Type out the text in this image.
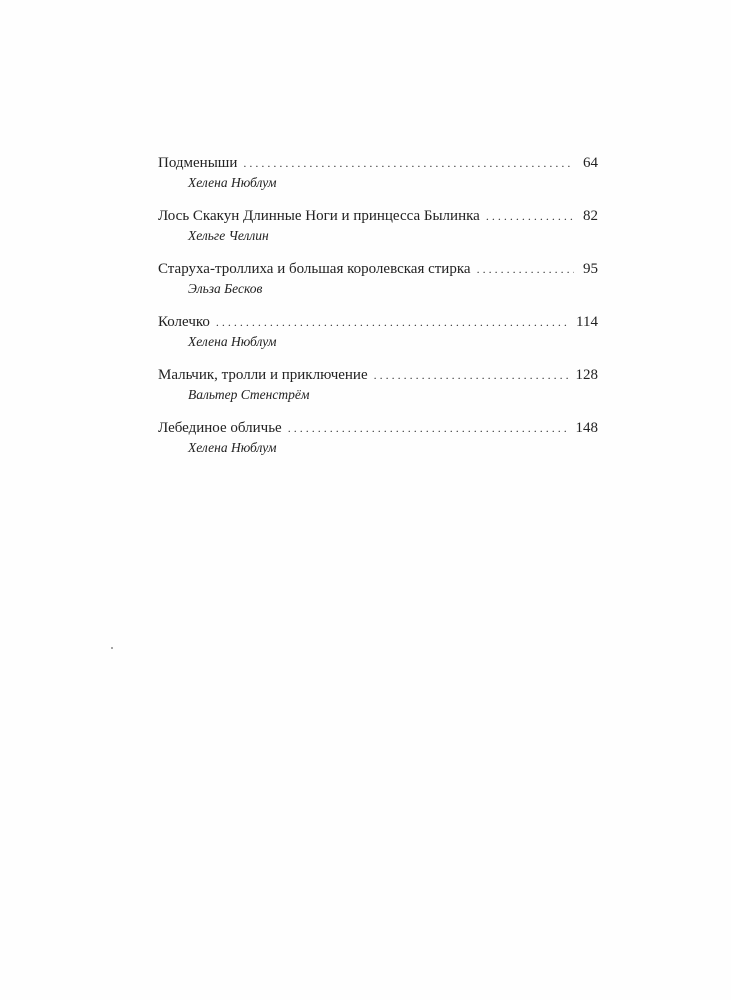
Подменыши . . .	64
Хелена Нюблум
Лось Скакун Длинные Ноги и принцесса Былинка . . .	82
Хельге Челлин
Старуха-троллиха и большая королевская стирка . . .	95
Эльза Бесков
Колечко . . .	114
Хелена Нюблум
Мальчик, тролли и приключение . . .	128
Вальтер Стенстрём
Лебединое обличье . . .	148
Хелена Нюблум
